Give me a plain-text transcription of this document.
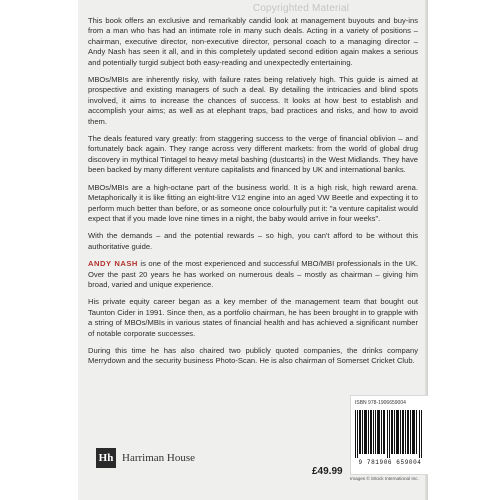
Copyrighted Material

This book offers an exclusive and remarkably candid look at management buyouts and buy-ins from a man who has had an intimate role in many such deals. Acting in a variety of positions – chairman, executive director, non-executive director, personal coach to a managing director – Andy Nash has seen it all, and in this completely updated second edition again makes a serious and potentially turgid subject both easy-reading and unexpectedly entertaining.

MBOs/MBIs are inherently risky, with failure rates being relatively high. This guide is aimed at prospective and existing managers of such a deal. By detailing the intricacies and blind spots involved, it aims to increase the chances of success. It looks at how best to establish and accomplish your aims; as well as at elephant traps, bad practices and risks, and how to avoid them.

The deals featured vary greatly: from staggering success to the verge of financial oblivion – and fortunately back again. They range across very different markets: from the world of global drug discovery in mythical Tintagel to heavy metal bashing (dustcarts) in the West Midlands. They have been backed by many different venture capitalists and financed by UK and international banks.

MBOs/MBIs are a high-octane part of the business world. It is a high risk, high reward arena. Metaphorically it is like fitting an eight-litre V12 engine into an aged VW Beetle and expecting it to perform much better than before, or as someone once colourfully put it: "a venture capitalist would expect that if you made love nine times in a night, the baby would arrive in four weeks".

With the demands – and the potential rewards – so high, you can't afford to be without this authoritative guide.

ANDY NASH is one of the most experienced and successful MBO/MBI professionals in the UK. Over the past 20 years he has worked on numerous deals – mostly as chairman – giving him broad, varied and unique experience.

His private equity career began as a key member of the management team that bought out Taunton Cider in 1991. Since then, as a portfolio chairman, he has been brought in to grapple with a string of MBOs/MBIs in various states of financial health and has achieved a significant number of notable corporate successes.

During this time he has also chaired two publicly quoted companies, the drinks company Merrydown and the security business Photo-Scan. He is also chairman of Somerset Cricket Club.

Hh Harriman House
£49.99
ISBN 978-1906659004
9 781906 659004
Images © iStock International Inc.
